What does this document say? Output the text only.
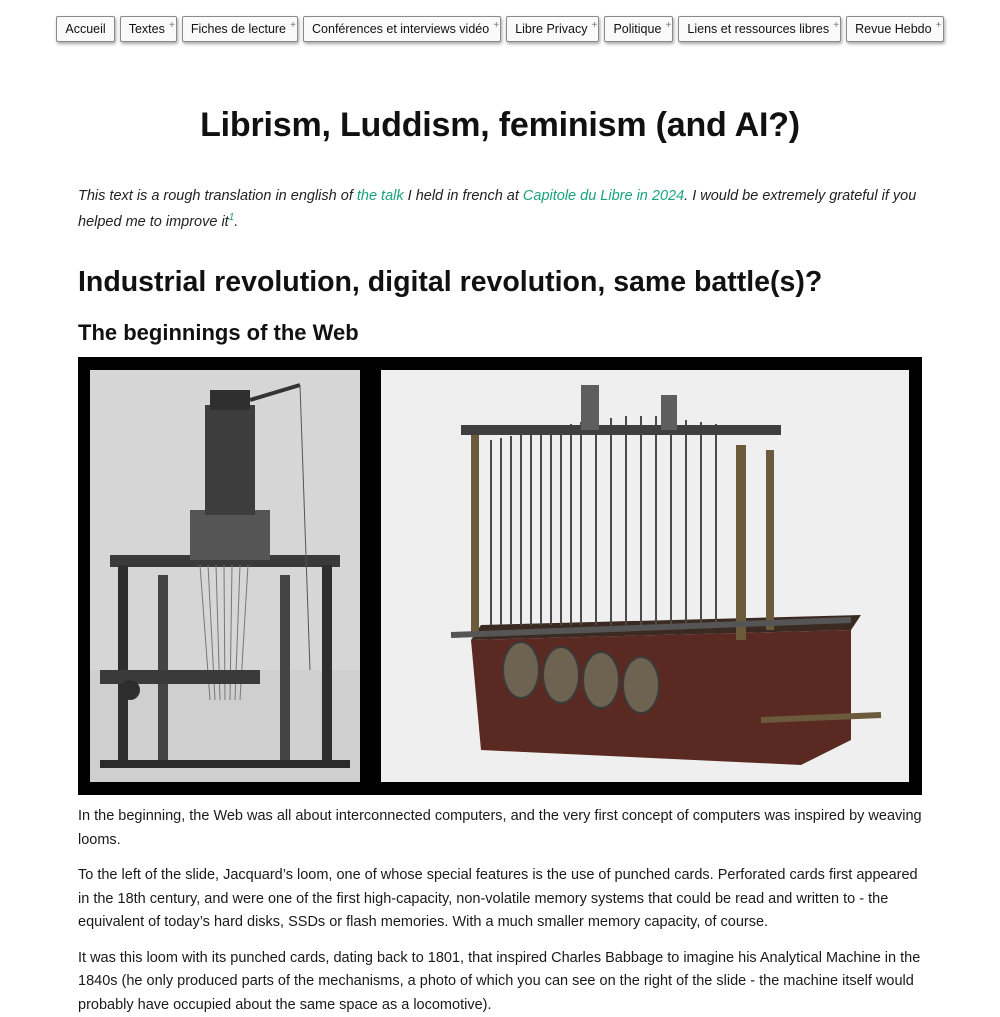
Accueil	Textes +	Fiches de lecture +	Conférences et interviews vidéo +	Libre Privacy +	Politique +	Liens et ressources libres +	Revue Hebdo +
Librism, Luddism, feminism (and AI?)

This text is a rough translation in english of the talk I held in french at Capitole du Libre in 2024. I would be extremely grateful if you helped me to improve it$^1$.

Industrial revolution, digital revolution, same battle(s)?
The beginnings of the Web

In the beginning, the Web was all about interconnected computers, and the very first concept of computers was inspired by weaving looms.

To the left of the slide, Jacquard’s loom, one of whose special features is the use of punched cards. Perforated cards first appeared in the 18th century, and were one of the first high-capacity, non-volatile memory systems that could be read and written to - the equivalent of today’s hard disks, SSDs or flash memories. With a much smaller memory capacity, of course.

It was this loom with its punched cards, dating back to 1801, that inspired Charles Babbage to imagine his Analytical Machine in the 1840s (he only produced parts of the mechanisms, a photo of which you can see on the right of the slide - the machine itself would probably have occupied about the same space as a locomotive).
